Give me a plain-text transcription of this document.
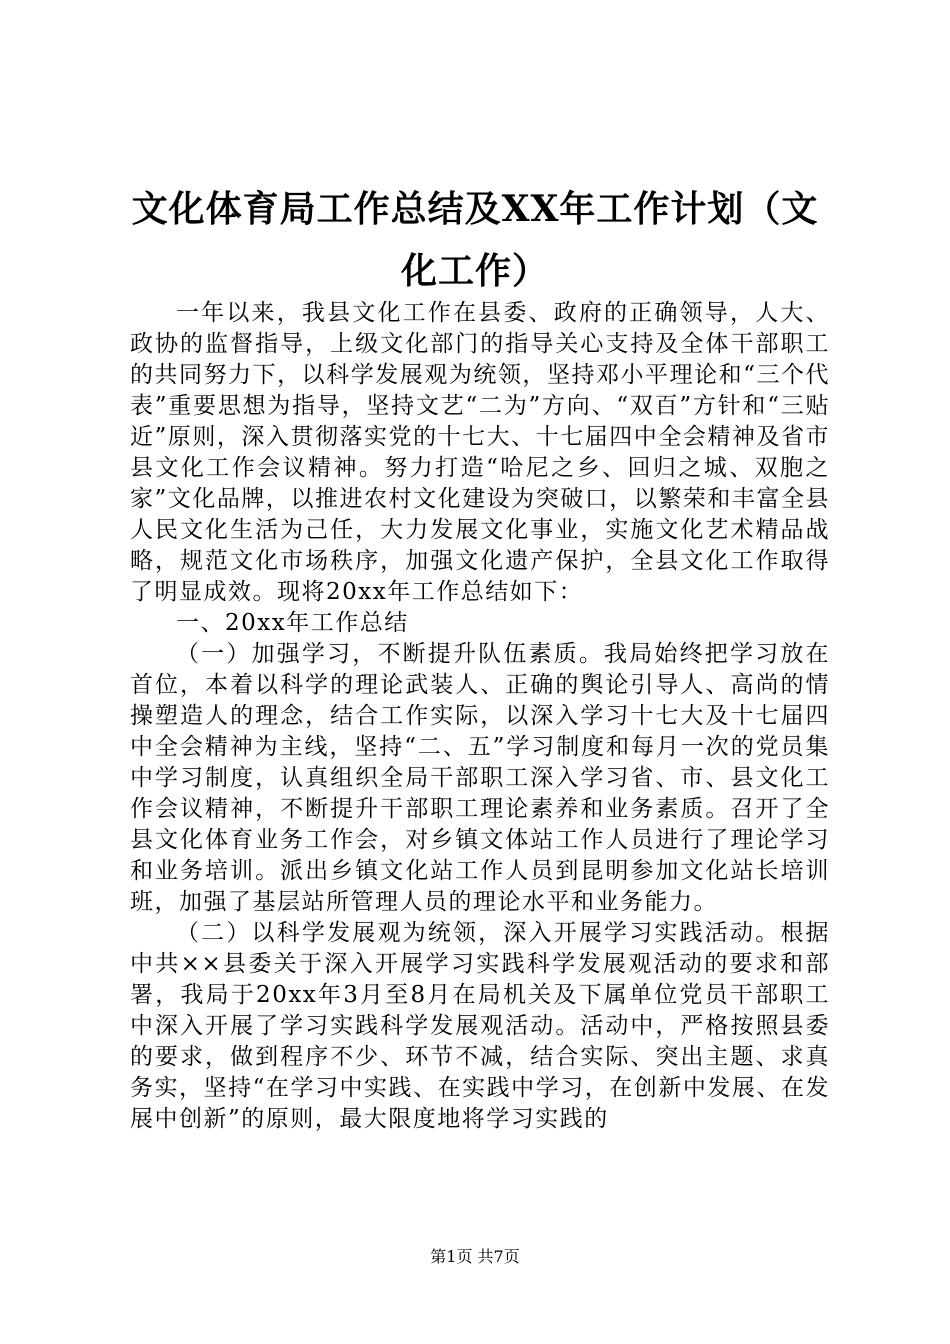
文化体育局工作总结及XX年工作计划（文化工作）

一年以来，我县文化工作在县委、政府的正确领导，人大、政协的监督指导，上级文化部门的指导关心支持及全体干部职工的共同努力下，以科学发展观为统领，坚持邓小平理论和“三个代表”重要思想为指导，坚持文艺“二为”方向、“双百”方针和“三贴近”原则，深入贯彻落实党的十七大、十七届四中全会精神及省市县文化工作会议精神。努力打造“哈尼之乡、回归之城、双胞之家”文化品牌，以推进农村文化建设为突破口，以繁荣和丰富全县人民文化生活为己任，大力发展文化事业，实施文化艺术精品战略，规范文化市场秩序，加强文化遗产保护，全县文化工作取得了明显成效。现将20xx年工作总结如下：

一、20xx年工作总结

（一）加强学习，不断提升队伍素质。我局始终把学习放在首位，本着以科学的理论武装人、正确的舆论引导人、高尚的情操塑造人的理念，结合工作实际，以深入学习十七大及十七届四中全会精神为主线，坚持“二、五”学习制度和每月一次的党员集中学习制度，认真组织全局干部职工深入学习省、市、县文化工作会议精神，不断提升干部职工理论素养和业务素质。召开了全县文化体育业务工作会，对乡镇文体站工作人员进行了理论学习和业务培训。派出乡镇文化站工作人员到昆明参加文化站长培训班，加强了基层站所管理人员的理论水平和业务能力。

（二）以科学发展观为统领，深入开展学习实践活动。根据中共××县委关于深入开展学习实践科学发展观活动的要求和部署，我局于20xx年3月至8月在局机关及下属单位党员干部职工中深入开展了学习实践科学发展观活动。活动中，严格按照县委的要求，做到程序不少、环节不减，结合实际、突出主题、求真务实，坚持“在学习中实践、在实践中学习，在创新中发展、在发展中创新”的原则，最大限度地将学习实践的

第1页 共7页
